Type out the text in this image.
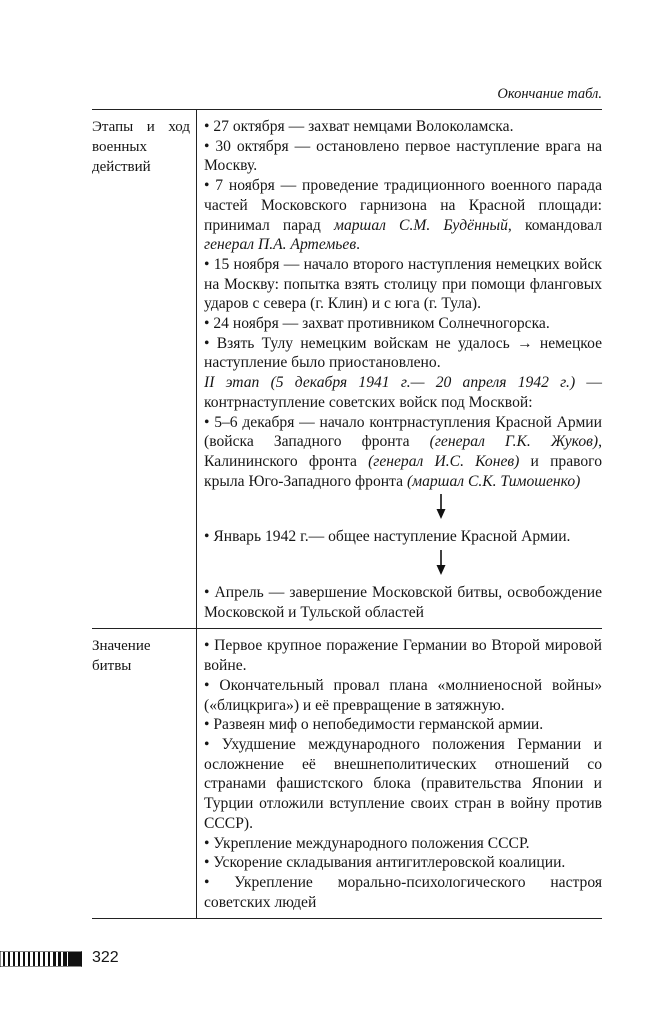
Окончание табл.
Этапы и ход военных действий
• 27 октября — захват немцами Волоколамска.
• 30 октября — остановлено первое наступление врага на Москву.
• 7 ноября — проведение традиционного военного парада частей Московского гарнизона на Красной площади: принимал парад маршал С.М. Будённый, командовал генерал П.А. Артемьев.
• 15 ноября — начало второго наступления немецких войск на Москву: попытка взять столицу при помощи фланговых ударов с севера (г. Клин) и с юга (г. Тула).
• 24 ноября — захват противником Солнечногорска.
• Взять Тулу немецким войскам не удалось → немецкое наступление было приостановлено.
II этап (5 декабря 1941 г.— 20 апреля 1942 г.) — контрнаступление советских войск под Москвой:
• 5–6 декабря — начало контрнаступления Красной Армии (войска Западного фронта (генерал Г.К. Жуков), Калининского фронта (генерал И.С. Конев) и правого крыла Юго-Западного фронта (маршал С.К. Тимошенко)
• Январь 1942 г.— общее наступление Красной Армии.
• Апрель — завершение Московской битвы, освобождение Московской и Тульской областей
Значение битвы
• Первое крупное поражение Германии во Второй мировой войне.
• Окончательный провал плана «молниеносной войны» («блицкрига») и её превращение в затяжную.
• Развеян миф о непобедимости германской армии.
• Ухудшение международного положения Германии и осложнение её внешнеполитических отношений со странами фашистского блока (правительства Японии и Турции отложили вступление своих стран в войну против СССР).
• Укрепление международного положения СССР.
• Ускорение складывания антигитлеровской коалиции.
• Укрепление морально-психологического настроя советских людей
322
